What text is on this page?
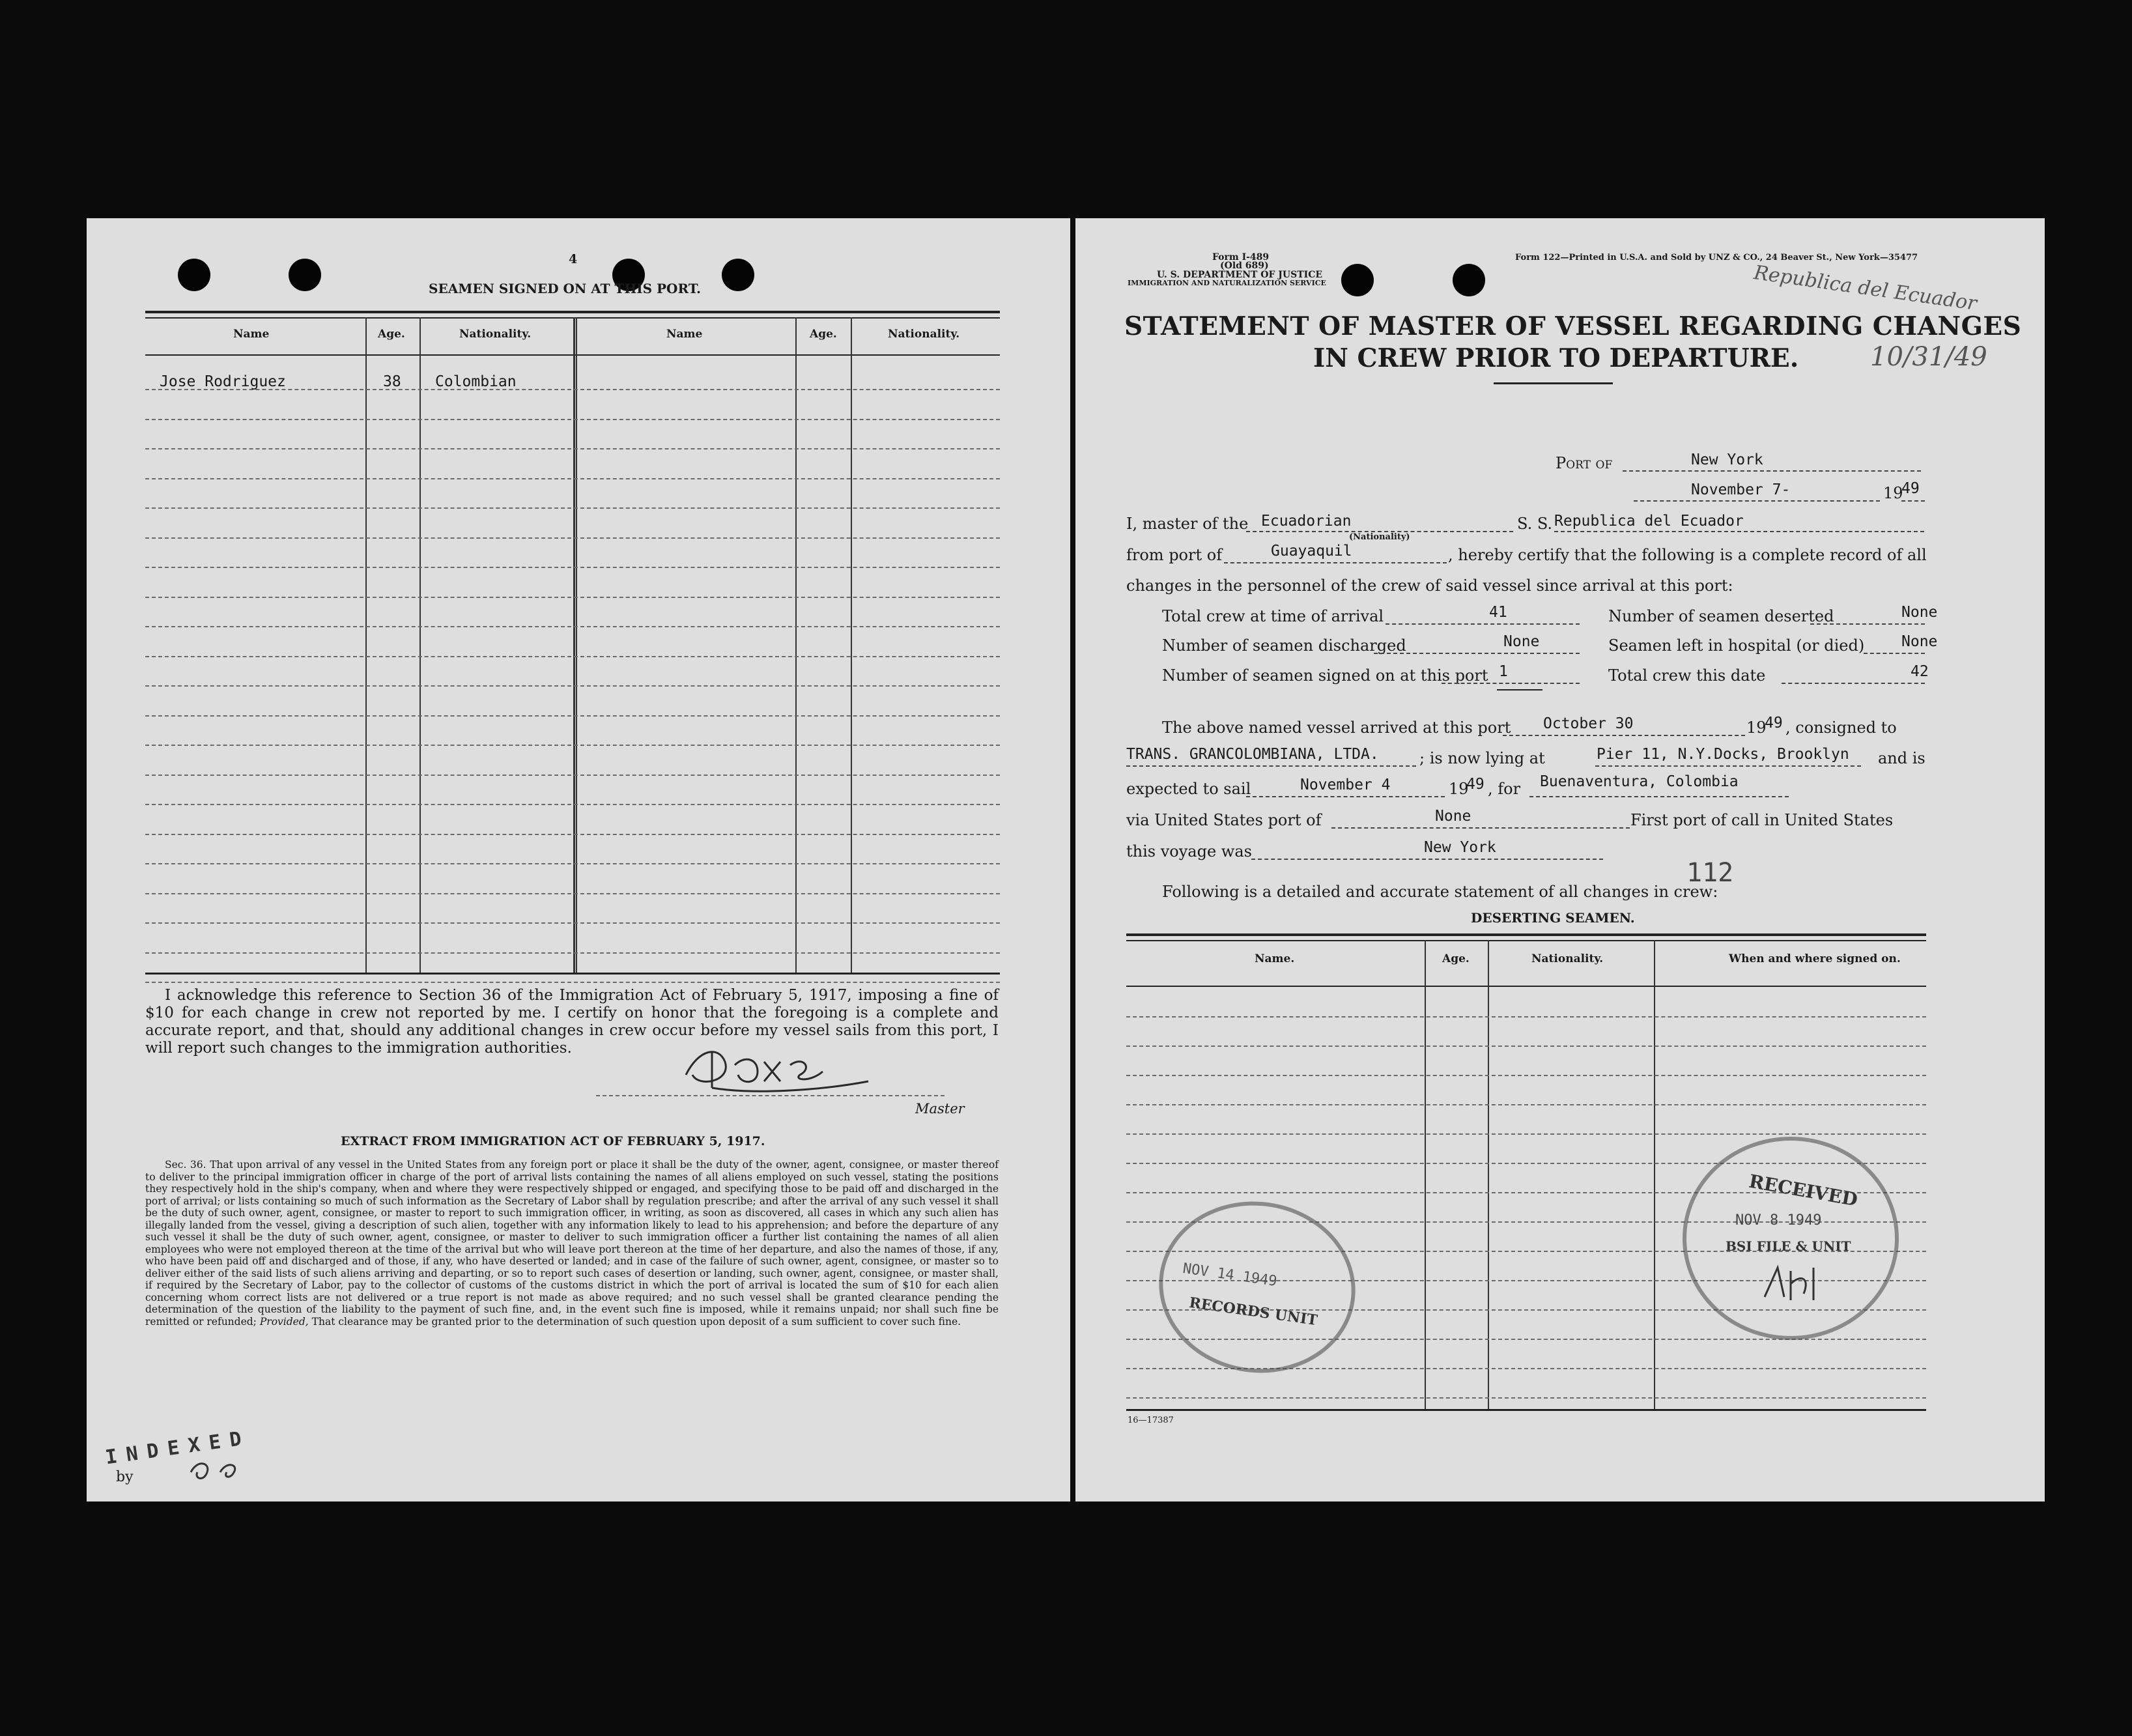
4
SEAMEN SIGNED ON AT THIS PORT.
Name	Age.	Nationality.	Name	Age.	Nationality.
Jose Rodriguez	38 Colombian
I acknowledge this reference to Section 36 of the Immigration Act of February 5, 1917, imposing a fine of $10 for each change in crew not reported by me. I certify on honor that the foregoing is a complete and accurate report, and that, should any additional changes in crew occur before my vessel sails from this port, I will report such changes to the immigration authorities.
Master
EXTRACT FROM IMMIGRATION ACT OF FEBRUARY 5, 1917.
Sec. 36. That upon arrival of any vessel in the United States from any foreign port or place it shall be the duty of the owner, agent, consignee, or master thereof to deliver to the principal immigration officer in charge of the port of arrival lists containing the names of all aliens employed on such vessel, stating the positions they respectively hold in the ship's company, when and where they were respectively shipped or engaged, and specifying those to be paid off and discharged in the port of arrival; or lists containing so much of such information as the Secretary of Labor shall by regulation prescribe; and after the arrival of any such vessel it shall be the duty of such owner, agent, consignee, or master to report to such immigration officer, in writing, as soon as discovered, all cases in which any such alien has illegally landed from the vessel, giving a description of such alien, together with any information likely to lead to his apprehension; and before the departure of any such vessel it shall be the duty of such owner, agent, consignee, or master to deliver to such immigration officer a further list containing the names of all alien employees who were not employed thereon at the time of the arrival but who will leave port thereon at the time of her departure, and also the names of those, if any, who have been paid off and discharged and of those, if any, who have deserted or landed; and in case of the failure of such owner, agent, consignee, or master so to deliver either of the said lists of such aliens arriving and departing, or so to report such cases of desertion or landing, such owner, agent, consignee, or master shall, if required by the Secretary of Labor, pay to the collector of customs of the customs district in which the port of arrival is located the sum of $10 for each alien concerning whom correct lists are not delivered or a true report is not made as above required; and no such vessel shall be granted clearance pending the determination of the question of the liability to the payment of such fine, and, in the event such fine is imposed, while it remains unpaid; nor shall such fine be remitted or refunded; Provided, That clearance may be granted prior to the determination of such question upon deposit of a sum sufficient to cover such fine.
INDEXED
by
Form I-489
(Old 689)
U. S. DEPARTMENT OF JUSTICE
IMMIGRATION AND NATURALIZATION SERVICE
Form 122—Printed in U.S.A. and Sold by UNZ & CO., 24 Beaver St., New York—35477
Republica del Ecuador
10/31/49
STATEMENT OF MASTER OF VESSEL REGARDING CHANGES
IN CREW PRIOR TO DEPARTURE.
Port of	New York
November 7-	19
49
I, master of the Ecuadorian
(Nationality)
S. S. Republica del Ecuador
from port of	Guayaquil	, hereby certify that the following is a complete record of all
changes in the personnel of the crew of said vessel since arrival at this port:
Total crew at time of arrival	41
Number of seamen discharged	None
Number of seamen signed on at this port 1
Number of seamen deserted	None
Seamen left in hospital (or died) None
Total crew this date	42
The above named vessel arrived at this port October 30	19
49 , consigned to
TRANS. GRANCOLOMBIANA, LTDA.	; is now lying at	Pier 11, N.Y.Docks, Brooklyn and is
expected to sail	November 4	19
49 , for Buenaventura, Colombia
via United States port of	None	First port of call in United States
this voyage was	New York
112
Following is a detailed and accurate statement of all changes in crew:
DESERTING SEAMEN.
Name.	Age.	Nationality.	When and where signed on.
NOV 14 1949
RECORDS UNIT
RECEIVED
NOV 8 1949
BSI FILE & UNIT
16—17387
